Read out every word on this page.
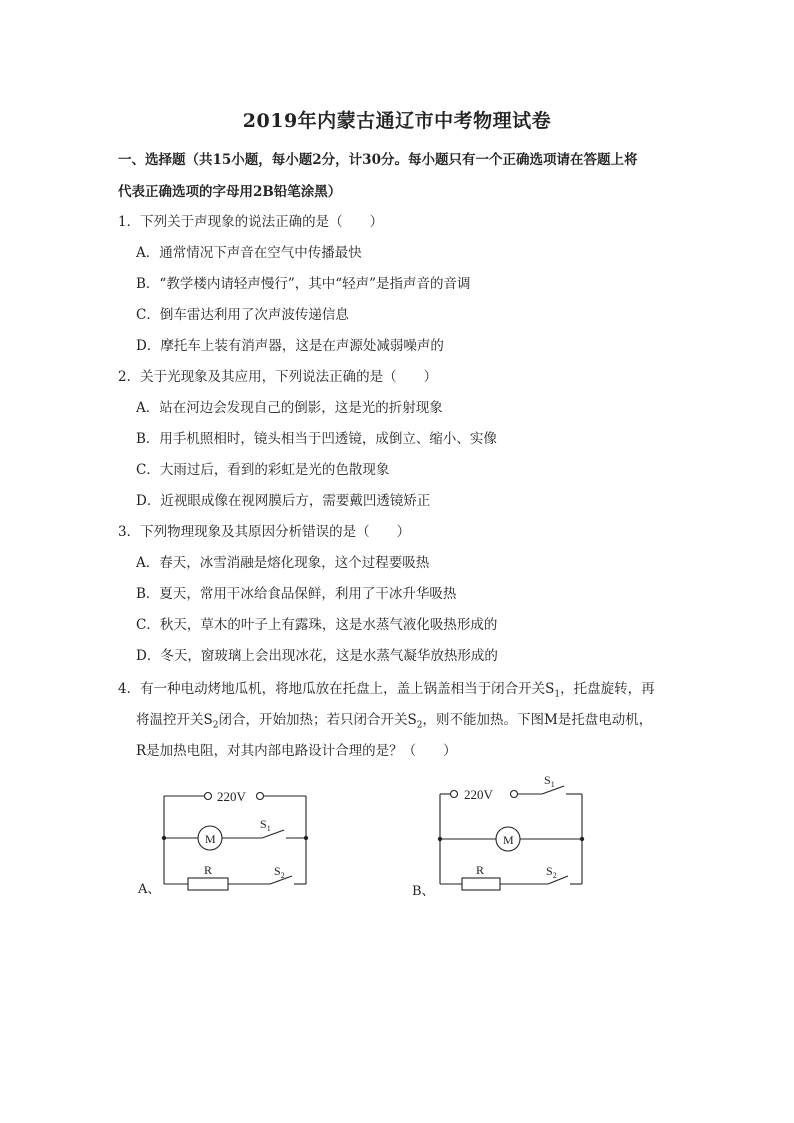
2019年内蒙古通辽市中考物理试卷
一、选择题（共15小题，每小题2分，计30分。每小题只有一个正确选项请在答题上将
代表正确选项的字母用2B铅笔涂黑）
1．下列关于声现象的说法正确的是（　　）
A．通常情况下声音在空气中传播最快
B．“教学楼内请轻声慢行”，其中“轻声”是指声音的音调
C．倒车雷达利用了次声波传递信息
D．摩托车上装有消声器，这是在声源处减弱噪声的
2．关于光现象及其应用，下列说法正确的是（　　）
A．站在河边会发现自己的倒影，这是光的折射现象
B．用手机照相时，镜头相当于凹透镜，成倒立、缩小、实像
C．大雨过后，看到的彩虹是光的色散现象
D．近视眼成像在视网膜后方，需要戴凹透镜矫正
3．下列物理现象及其原因分析错误的是（　　）
A．春天，冰雪消融是熔化现象，这个过程要吸热
B．夏天，常用干冰给食品保鲜，利用了干冰升华吸热
C．秋天，草木的叶子上有露珠，这是水蒸气液化吸热形成的
D．冬天，窗玻璃上会出现冰花，这是水蒸气凝华放热形成的
4．有一种电动烤地瓜机，将地瓜放在托盘上，盖上锅盖相当于闭合开关$S_1$，托盘旋转，再
将温控开关$S_2$闭合，开始加热；若只闭合开关$S_2$，则不能加热。下图M是托盘电动机，
R是加热电阻，对其内部电路设计合理的是？（　　）
A、
220V
M
R
$S_1$
$S_2$
B、
220V
M
R
$S_1$
$S_2$
